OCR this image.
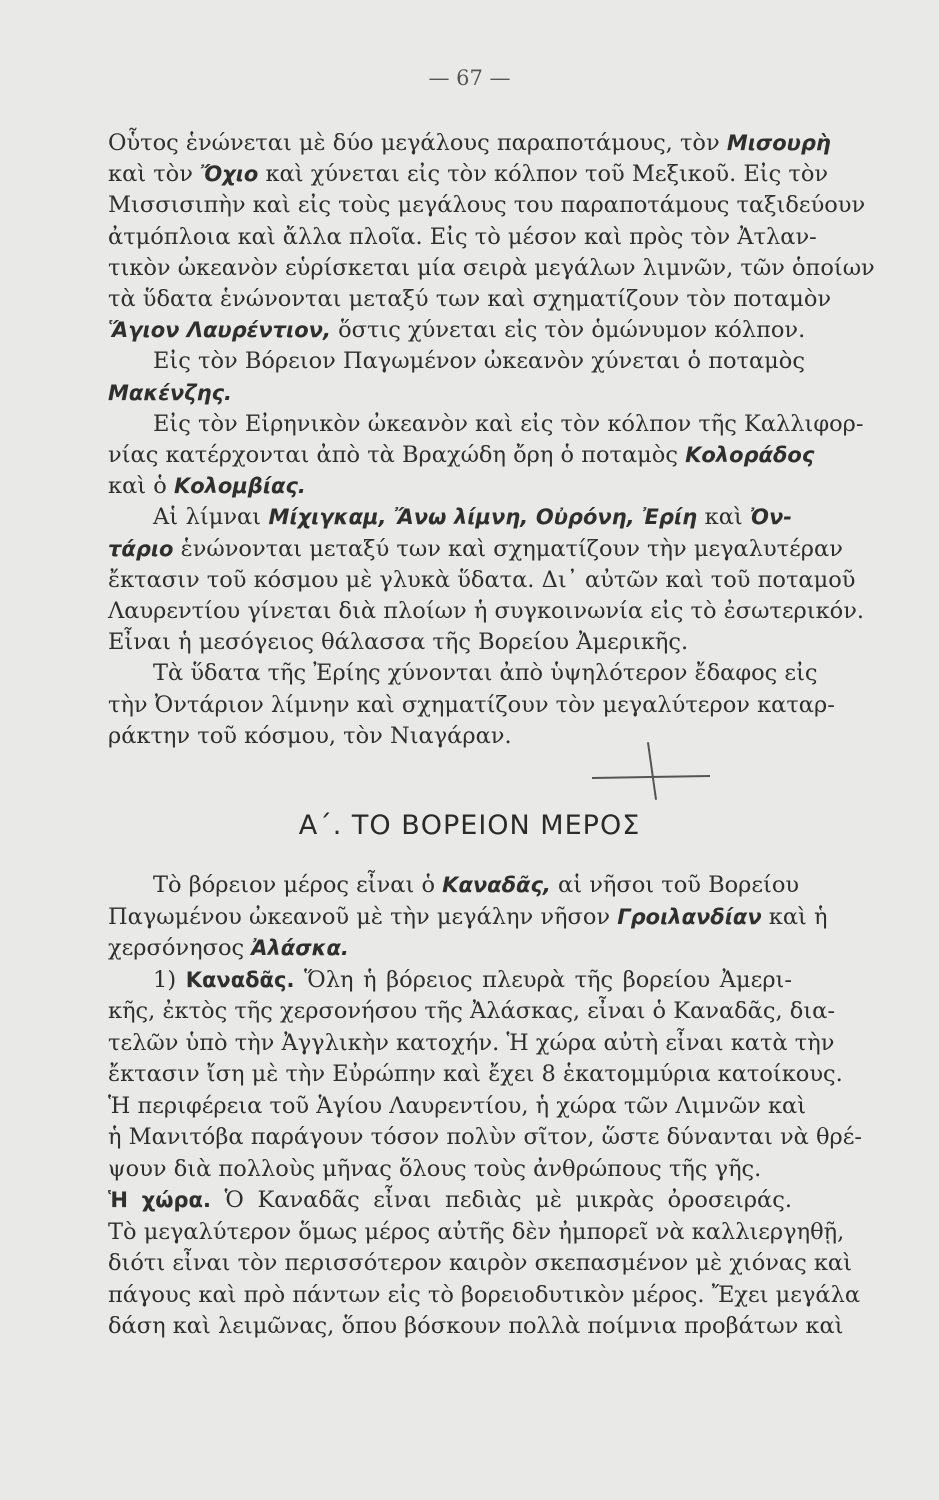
— 67 —
Οὗτος ἑνώνεται μὲ δύο μεγάλους παραποτάμους, τὸν Μισουρὴ
καὶ τὸν Ὄχιο καὶ χύνεται εἰς τὸν κόλπον τοῦ Μεξικοῦ. Εἰς τὸν
Μισσισιπὴν καὶ εἰς τοὺς μεγάλους του παραποτάμους ταξιδεύουν
ἀτμόπλοια καὶ ἄλλα πλοῖα. Εἰς τὸ μέσον καὶ πρὸς τὸν Ἀτλαν-
τικὸν ὠκεανὸν εὑρίσκεται μία σειρὰ μεγάλων λιμνῶν, τῶν ὁποίων
τὰ ὕδατα ἑνώνονται μεταξύ των καὶ σχηματίζουν τὸν ποταμὸν
Ἅγιον Λαυρέντιον, ὅστις χύνεται εἰς τὸν ὁμώνυμον κόλπον.
  Εἰς τὸν Βόρειον Παγωμένον ὠκεανὸν χύνεται ὁ ποταμὸς
Μακένζης.
  Εἰς τὸν Εἰρηνικὸν ὠκεανὸν καὶ εἰς τὸν κόλπον τῆς Καλλιφορ-
νίας κατέρχονται ἀπὸ τὰ Βραχώδη ὄρη ὁ ποταμὸς Κολοράδος
καὶ ὁ Κολομβίας.
  Αἱ λίμναι Μίχιγκαμ, Ἄνω λίμνη, Οὐρόνη, Ἐρίη καὶ Ὀν-
τάριο ἑνώνονται μεταξύ των καὶ σχηματίζουν τὴν μεγαλυτέραν
ἔκτασιν τοῦ κόσμου μὲ γλυκὰ ὕδατα. Δι᾽ αὐτῶν καὶ τοῦ ποταμοῦ
Λαυρεντίου γίνεται διὰ πλοίων ἡ συγκοινωνία εἰς τὸ ἐσωτερικόν.
Εἶναι ἡ μεσόγειος θάλασσα τῆς Βορείου Ἀμερικῆς.
  Τὰ ὕδατα τῆς Ἐρίης χύνονται ἀπὸ ὑψηλότερον ἔδαφος εἰς
τὴν Ὀντάριον λίμνην καὶ σχηματίζουν τὸν μεγαλύτερον καταρ-
ράκτην τοῦ κόσμου, τὸν Νιαγάραν.
Α΄. ΤΟ ΒΟΡΕΙΟΝ ΜΕΡΟΣ
  Τὸ βόρειον μέρος εἶναι ὁ Καναδᾶς, αἱ νῆσοι τοῦ Βορείου
Παγωμένου ὠκεανοῦ μὲ τὴν μεγάλην νῆσον Γροιλανδίαν καὶ ἡ
χερσόνησος Ἀλάσκα.
  1) Καναδᾶς. Ὅλη ἡ βόρειος πλευρὰ τῆς βορείου Ἀμερι-
κῆς, ἐκτὸς τῆς χερσονήσου τῆς Ἀλάσκας, εἶναι ὁ Καναδᾶς, δια-
τελῶν ὑπὸ τὴν Ἀγγλικὴν κατοχήν. Ἡ χώρα αὐτὴ εἶναι κατὰ τὴν
ἔκτασιν ἴση μὲ τὴν Εὐρώπην καὶ ἔχει 8 ἑκατομμύρια κατοίκους.
Ἡ περιφέρεια τοῦ Ἁγίου Λαυρεντίου, ἡ χώρα τῶν Λιμνῶν καὶ
ἡ Μανιτόβα παράγουν τόσον πολὺν σῖτον, ὥστε δύνανται νὰ θρέ-
ψουν διὰ πολλοὺς μῆνας ὅλους τοὺς ἀνθρώπους τῆς γῆς.
Ἡ χώρα. Ὁ Καναδᾶς εἶναι πεδιὰς μὲ μικρὰς ὀροσειράς.
Τὸ μεγαλύτερον ὅμως μέρος αὐτῆς δὲν ἠμπορεῖ νὰ καλλιεργηθῇ,
διότι εἶναι τὸν περισσότερον καιρὸν σκεπασμένον μὲ χιόνας καὶ
πάγους καὶ πρὸ πάντων εἰς τὸ βορειοδυτικὸν μέρος. Ἔχει μεγάλα
δάση καὶ λειμῶνας, ὅπου βόσκουν πολλὰ ποίμνια προβάτων καὶ
